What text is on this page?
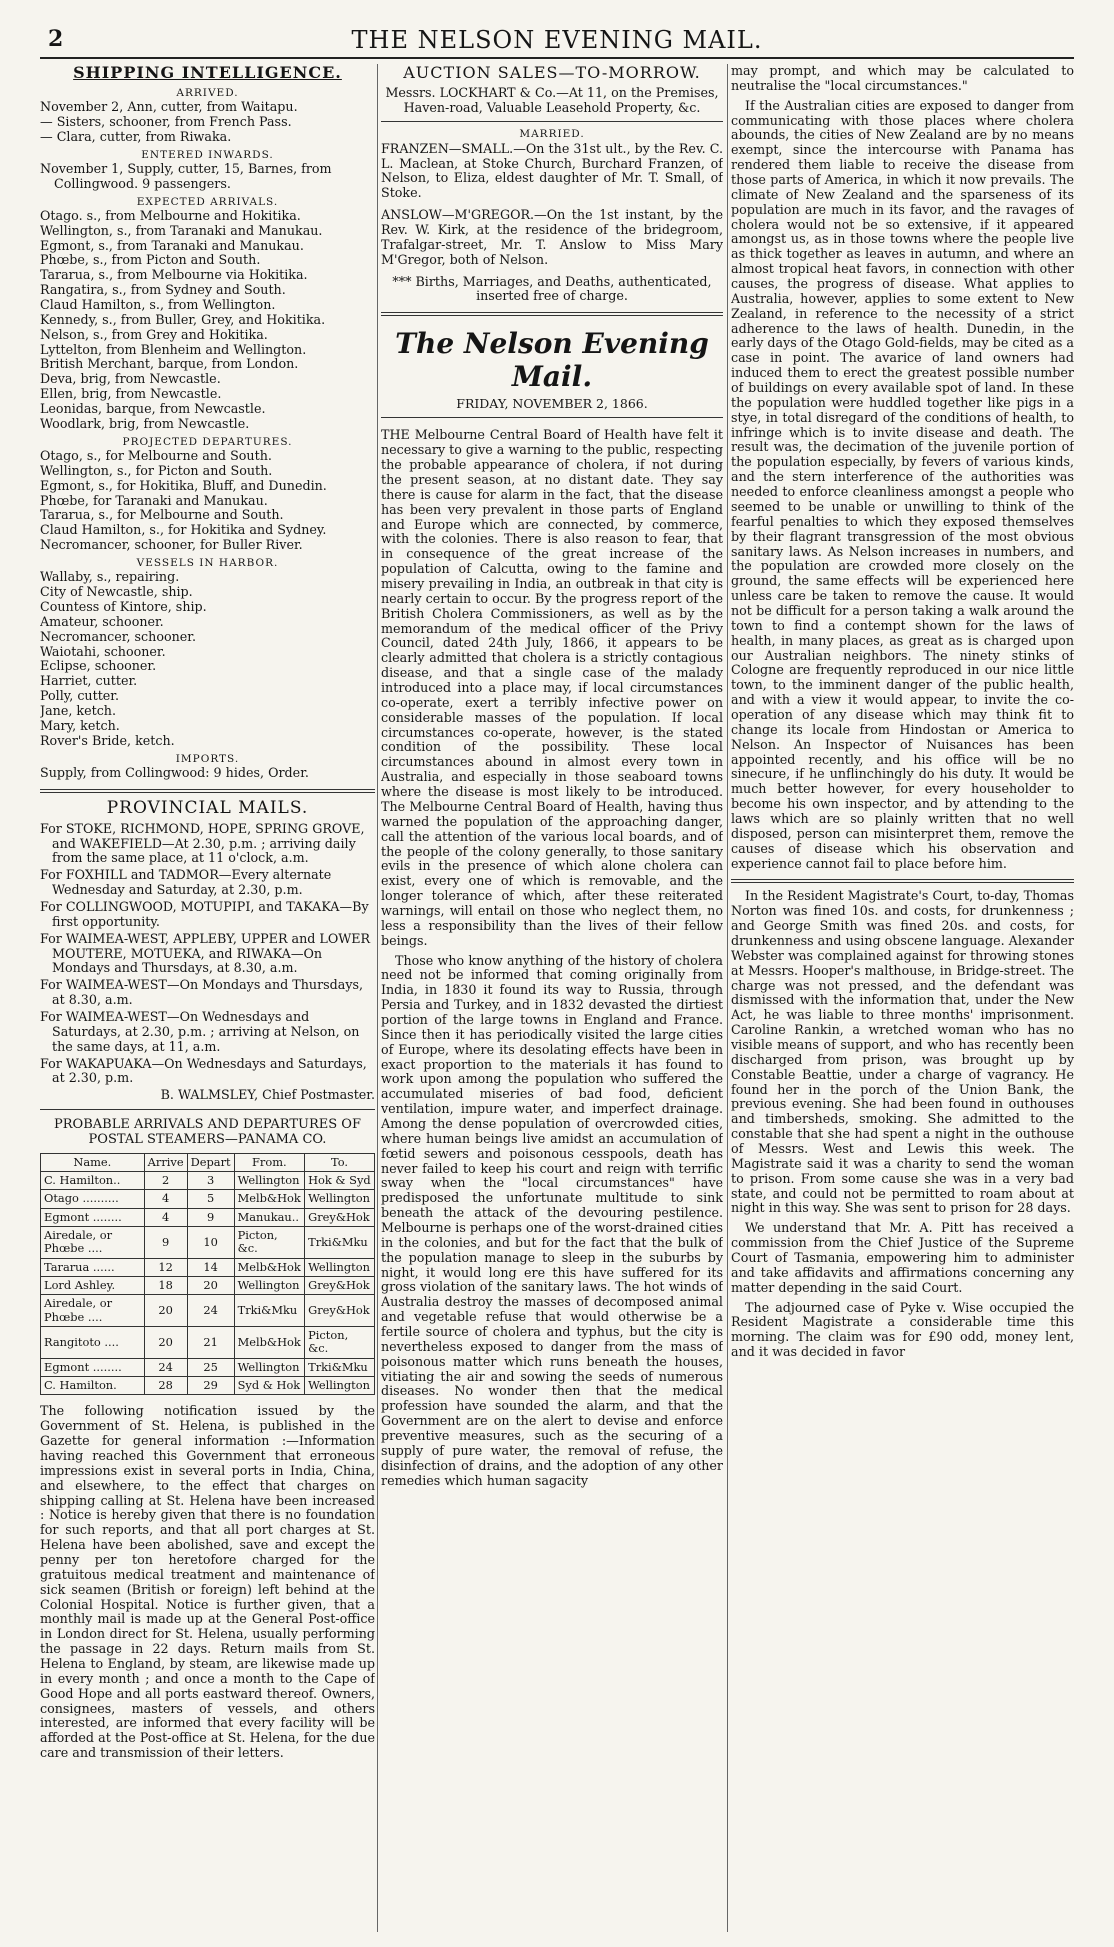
2	THE NELSON EVENING MAIL.
SHIPPING INTELLIGENCE.
ARRIVED.
November 2, Ann, cutter, from Waitapu.
— Sisters, schooner, from French Pass.
— Clara, cutter, from Riwaka.
ENTERED INWARDS.
November 1, Supply, cutter, 15, Barnes, from Collingwood. 9 passengers.
EXPECTED ARRIVALS.
Otago. s., from Melbourne and Hokitika.
Wellington, s., from Taranaki and Manukau.
Egmont, s., from Taranaki and Manukau.
Phœbe, s., from Picton and South.
Tararua, s., from Melbourne via Hokitika.
Rangatira, s., from Sydney and South.
Claud Hamilton, s., from Wellington.
Kennedy, s., from Buller, Grey, and Hokitika.
Nelson, s., from Grey and Hokitika.
Lyttelton, from Blenheim and Wellington.
British Merchant, barque, from London.
Deva, brig, from Newcastle.
Ellen, brig, from Newcastle.
Leonidas, barque, from Newcastle.
Woodlark, brig, from Newcastle.
PROJECTED DEPARTURES.
Otago, s., for Melbourne and South.
Wellington, s., for Picton and South.
Egmont, s., for Hokitika, Bluff, and Dunedin.
Phœbe, for Taranaki and Manukau.
Tararua, s., for Melbourne and South.
Claud Hamilton, s., for Hokitika and Sydney.
Necromancer, schooner, for Buller River.
VESSELS IN HARBOR.
Wallaby, s., repairing.
City of Newcastle, ship.
Countess of Kintore, ship.
Amateur, schooner.
Necromancer, schooner.
Waiotahi, schooner.
Eclipse, schooner.
Harriet, cutter.
Polly, cutter.
Jane, ketch.
Mary, ketch.
Rover's Bride, ketch.
IMPORTS.
Supply, from Collingwood: 9 hides, Order.
PROVINCIAL MAILS.
For STOKE, RICHMOND, HOPE, SPRING GROVE, and WAKEFIELD—At 2.30, p.m. ; arriving daily from the same place, at 11 o'clock, a.m.
For FOXHILL and TADMOR—Every alternate Wednesday and Saturday, at 2.30, p.m.
For COLLINGWOOD, MOTUPIPI, and TAKAKA—By first opportunity.
For WAIMEA-WEST, APPLEBY, UPPER and LOWER MOUTERE, MOTUEKA, and RIWAKA—On Mondays and Thursdays, at 8.30, a.m.
For WAIMEA-WEST—On Mondays and Thursdays, at 8.30, a.m.
For WAIMEA-WEST—On Wednesdays and Saturdays, at 2.30, p.m. ; arriving at Nelson, on the same days, at 11, a.m.
For WAKAPUAKA—On Wednesdays and Saturdays, at 2.30, p.m.
B. WALMSLEY, Chief Postmaster.
PROBABLE ARRIVALS AND DEPARTURES OF POSTAL STEAMERS—PANAMA CO.
Name.	Arrive	Depart	From.	To.
C. Hamilton..	2	3	Wellington	Hok & Syd
Otago ..........	4	5	Melb&Hok	Wellington
Egmont ........	4	9	Manukau..	Grey&Hok
Airedale, or Phœbe ....	9	10	Picton, &c.	Trki&Mku
Tararua ......	12	14	Melb&Hok	Wellington
Lord Ashley.	18	20	Wellington	Grey&Hok
Airedale, or Phœbe ....	20	24	Trki&Mku	Grey&Hok
Rangitoto ....	20	21	Melb&Hok	Picton, &c.
Egmont ........	24	25	Wellington	Trki&Mku
C. Hamilton.	28	29	Syd & Hok	Wellington

The following notification issued by the Government of St. Helena, is published in the Gazette for general information :—Information having reached this Government that erroneous impressions exist in several ports in India, China, and elsewhere, to the effect that charges on shipping calling at St. Helena have been increased : Notice is hereby given that there is no foundation for such reports, and that all port charges at St. Helena have been abolished, save and except the penny per ton heretofore charged for the gratuitous medical treatment and maintenance of sick seamen (British or foreign) left behind at the Colonial Hospital. Notice is further given, that a monthly mail is made up at the General Post-office in London direct for St. Helena, usually performing the passage in 22 days. Return mails from St. Helena to England, by steam, are likewise made up in every month ; and once a month to the Cape of Good Hope and all ports eastward thereof. Owners, consignees, masters of vessels, and others interested, are informed that every facility will be afforded at the Post-office at St. Helena, for the due care and transmission of their letters.

AUCTION SALES—TO-MORROW.
Messrs. LOCKHART & Co.—At 11, on the Premises, Haven-road, Valuable Leasehold Property, &c.
MARRIED.
FRANZEN—SMALL.—On the 31st ult., by the Rev. C. L. Maclean, at Stoke Church, Burchard Franzen, of Nelson, to Eliza, eldest daughter of Mr. T. Small, of Stoke.
ANSLOW—M'GREGOR.—On the 1st instant, by the Rev. W. Kirk, at the residence of the bridegroom, Trafalgar-street, Mr. T. Anslow to Miss Mary M'Gregor, both of Nelson.
*** Births, Marriages, and Deaths, authenticated, inserted free of charge.
The Nelson Evening Mail.
FRIDAY, NOVEMBER 2, 1866.

THE Melbourne Central Board of Health have felt it necessary to give a warning to the public, respecting the probable appearance of cholera, if not during the present season, at no distant date. They say there is cause for alarm in the fact, that the disease has been very prevalent in those parts of England and Europe which are connected, by commerce, with the colonies. There is also reason to fear, that in consequence of the great increase of the population of Calcutta, owing to the famine and misery prevailing in India, an outbreak in that city is nearly certain to occur. By the progress report of the British Cholera Commissioners, as well as by the memorandum of the medical officer of the Privy Council, dated 24th July, 1866, it appears to be clearly admitted that cholera is a strictly contagious disease, and that a single case of the malady introduced into a place may, if local circumstances co-operate, exert a terribly infective power on considerable masses of the population. If local circumstances co-operate, however, is the stated condition of the possibility. These local circumstances abound in almost every town in Australia, and especially in those seaboard towns where the disease is most likely to be introduced. The Melbourne Central Board of Health, having thus warned the population of the approaching danger, call the attention of the various local boards, and of the people of the colony generally, to those sanitary evils in the presence of which alone cholera can exist, every one of which is removable, and the longer tolerance of which, after these reiterated warnings, will entail on those who neglect them, no less a responsibility than the lives of their fellow beings.

Those who know anything of the history of cholera need not be informed that coming originally from India, in 1830 it found its way to Russia, through Persia and Turkey, and in 1832 devasted the dirtiest portion of the large towns in England and France. Since then it has periodically visited the large cities of Europe, where its desolating effects have been in exact proportion to the materials it has found to work upon among the population who suffered the accumulated miseries of bad food, deficient ventilation, impure water, and imperfect drainage. Among the dense population of overcrowded cities, where human beings live amidst an accumulation of fœtid sewers and poisonous cesspools, death has never failed to keep his court and reign with terrific sway when the "local circumstances" have predisposed the unfortunate multitude to sink beneath the attack of the devouring pestilence. Melbourne is perhaps one of the worst-drained cities in the colonies, and but for the fact that the bulk of the population manage to sleep in the suburbs by night, it would long ere this have suffered for its gross violation of the sanitary laws. The hot winds of Australia destroy the masses of decomposed animal and vegetable refuse that would otherwise be a fertile source of cholera and typhus, but the city is nevertheless exposed to danger from the mass of poisonous matter which runs beneath the houses, vitiating the air and sowing the seeds of numerous diseases. No wonder then that the medical profession have sounded the alarm, and that the Government are on the alert to devise and enforce preventive measures, such as the securing of a supply of pure water, the removal of refuse, the disinfection of drains, and the adoption of any other remedies which human sagacity

may prompt, and which may be calculated to neutralise the "local circumstances."

If the Australian cities are exposed to danger from communicating with those places where cholera abounds, the cities of New Zealand are by no means exempt, since the intercourse with Panama has rendered them liable to receive the disease from those parts of America, in which it now prevails. The climate of New Zealand and the sparseness of its population are much in its favor, and the ravages of cholera would not be so extensive, if it appeared amongst us, as in those towns where the people live as thick together as leaves in autumn, and where an almost tropical heat favors, in connection with other causes, the progress of disease. What applies to Australia, however, applies to some extent to New Zealand, in reference to the necessity of a strict adherence to the laws of health. Dunedin, in the early days of the Otago Gold-fields, may be cited as a case in point. The avarice of land owners had induced them to erect the greatest possible number of buildings on every available spot of land. In these the population were huddled together like pigs in a stye, in total disregard of the conditions of health, to infringe which is to invite disease and death. The result was, the decimation of the juvenile portion of the population especially, by fevers of various kinds, and the stern interference of the authorities was needed to enforce cleanliness amongst a people who seemed to be unable or unwilling to think of the fearful penalties to which they exposed themselves by their flagrant transgression of the most obvious sanitary laws. As Nelson increases in numbers, and the population are crowded more closely on the ground, the same effects will be experienced here unless care be taken to remove the cause. It would not be difficult for a person taking a walk around the town to find a contempt shown for the laws of health, in many places, as great as is charged upon our Australian neighbors. The ninety stinks of Cologne are frequently reproduced in our nice little town, to the imminent danger of the public health, and with a view it would appear, to invite the co-operation of any disease which may think fit to change its locale from Hindostan or America to Nelson. An Inspector of Nuisances has been appointed recently, and his office will be no sinecure, if he unflinchingly do his duty. It would be much better however, for every householder to become his own inspector, and by attending to the laws which are so plainly written that no well disposed, person can misinterpret them, remove the causes of disease which his observation and experience cannot fail to place before him.

In the Resident Magistrate's Court, to-day, Thomas Norton was fined 10s. and costs, for drunkenness ; and George Smith was fined 20s. and costs, for drunkenness and using obscene language. Alexander Webster was complained against for throwing stones at Messrs. Hooper's malthouse, in Bridge-street. The charge was not pressed, and the defendant was dismissed with the information that, under the New Act, he was liable to three months' imprisonment. Caroline Rankin, a wretched woman who has no visible means of support, and who has recently been discharged from prison, was brought up by Constable Beattie, under a charge of vagrancy. He found her in the porch of the Union Bank, the previous evening. She had been found in outhouses and timbersheds, smoking. She admitted to the constable that she had spent a night in the outhouse of Messrs. West and Lewis this week. The Magistrate said it was a charity to send the woman to prison. From some cause she was in a very bad state, and could not be permitted to roam about at night in this way. She was sent to prison for 28 days.

We understand that Mr. A. Pitt has received a commission from the Chief Justice of the Supreme Court of Tasmania, empowering him to administer and take affidavits and affirmations concerning any matter depending in the said Court.

The adjourned case of Pyke v. Wise occupied the Resident Magistrate a considerable time this morning. The claim was for £90 odd, money lent, and it was decided in favor
